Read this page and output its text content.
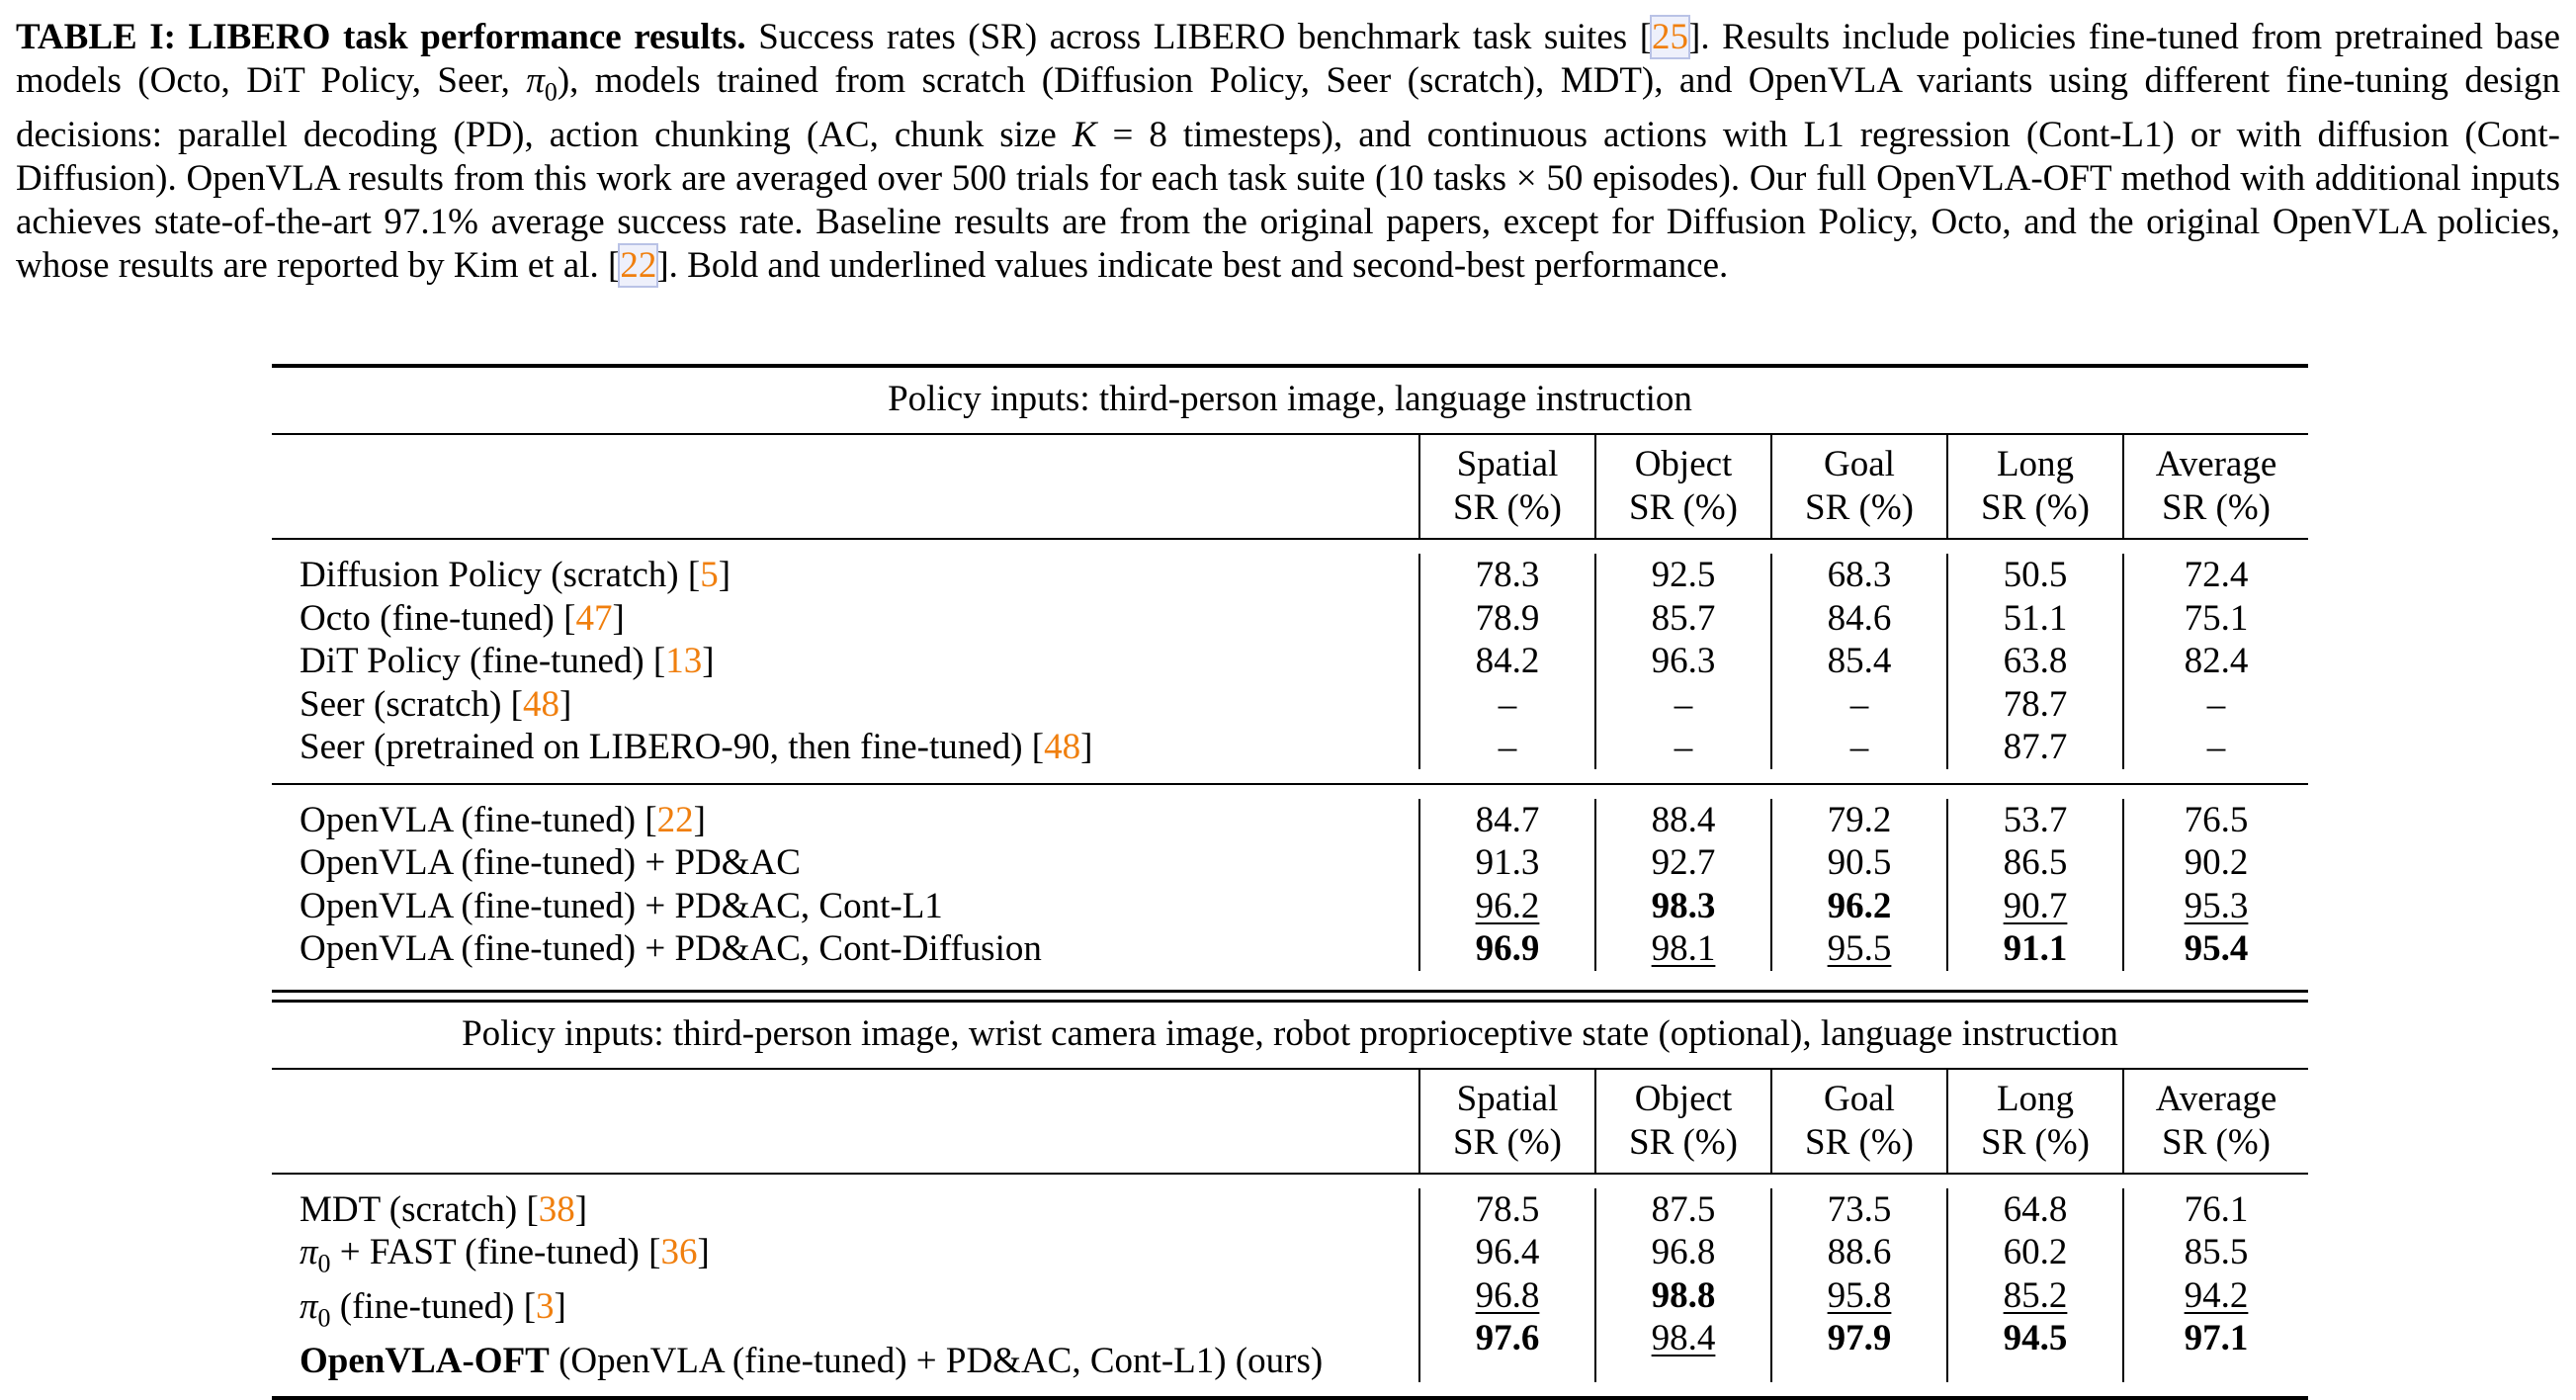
TABLE I: LIBERO task performance results. Success rates (SR) across LIBERO benchmark task suites [25]. Results include policies fine-tuned from pretrained base models (Octo, DiT Policy, Seer, $\pi_0$), models trained from scratch (Diffusion Policy, Seer (scratch), MDT), and OpenVLA variants using different fine-tuning design decisions: parallel decoding (PD), action chunking (AC, chunk size K = 8 timesteps), and continuous actions with L1 regression (Cont-L1) or with diffusion (Cont-Diffusion). OpenVLA results from this work are averaged over 500 trials for each task suite (10 tasks × 50 episodes). Our full OpenVLA-OFT method with additional inputs achieves state-of-the-art 97.1% average success rate. Baseline results are from the original papers, except for Diffusion Policy, Octo, and the original OpenVLA policies, whose results are reported by Kim et al. [22]. Bold and underlined values indicate best and second-best performance.
Policy inputs: third-person image, language instruction
Spatial
SR (%)
Object
SR (%)
Goal
SR (%)
Long
SR (%)
Average
SR (%)
Diffusion Policy (scratch) [5]
Octo (fine-tuned) [47]
DiT Policy (fine-tuned) [13]
Seer (scratch) [48]
Seer (pretrained on LIBERO-90, then fine-tuned) [48]
78.3
78.9
84.2
–
–
92.5
85.7
96.3
–
–
68.3
84.6
85.4
–
–
50.5
51.1
63.8
78.7
87.7
72.4
75.1
82.4
–
–
OpenVLA (fine-tuned) [22]
OpenVLA (fine-tuned) + PD&AC
OpenVLA (fine-tuned) + PD&AC, Cont-L1
OpenVLA (fine-tuned) + PD&AC, Cont-Diffusion
84.7
91.3
96.2
96.9
88.4
92.7
98.3
98.1
79.2
90.5
96.2
95.5
53.7
86.5
90.7
91.1
76.5
90.2
95.3
95.4
Policy inputs: third-person image, wrist camera image, robot proprioceptive state (optional), language instruction
Spatial
SR (%)
Object
SR (%)
Goal
SR (%)
Long
SR (%)
Average
SR (%)
MDT (scratch) [38]
$\pi_0$ + FAST (fine-tuned) [36]
$\pi_0$ (fine-tuned) [3]
OpenVLA-OFT (OpenVLA (fine-tuned) + PD&AC, Cont-L1) (ours)
78.5
96.4
96.8
97.6
87.5
96.8
98.8
98.4
73.5
88.6
95.8
97.9
64.8
60.2
85.2
94.5
76.1
85.5
94.2
97.1
